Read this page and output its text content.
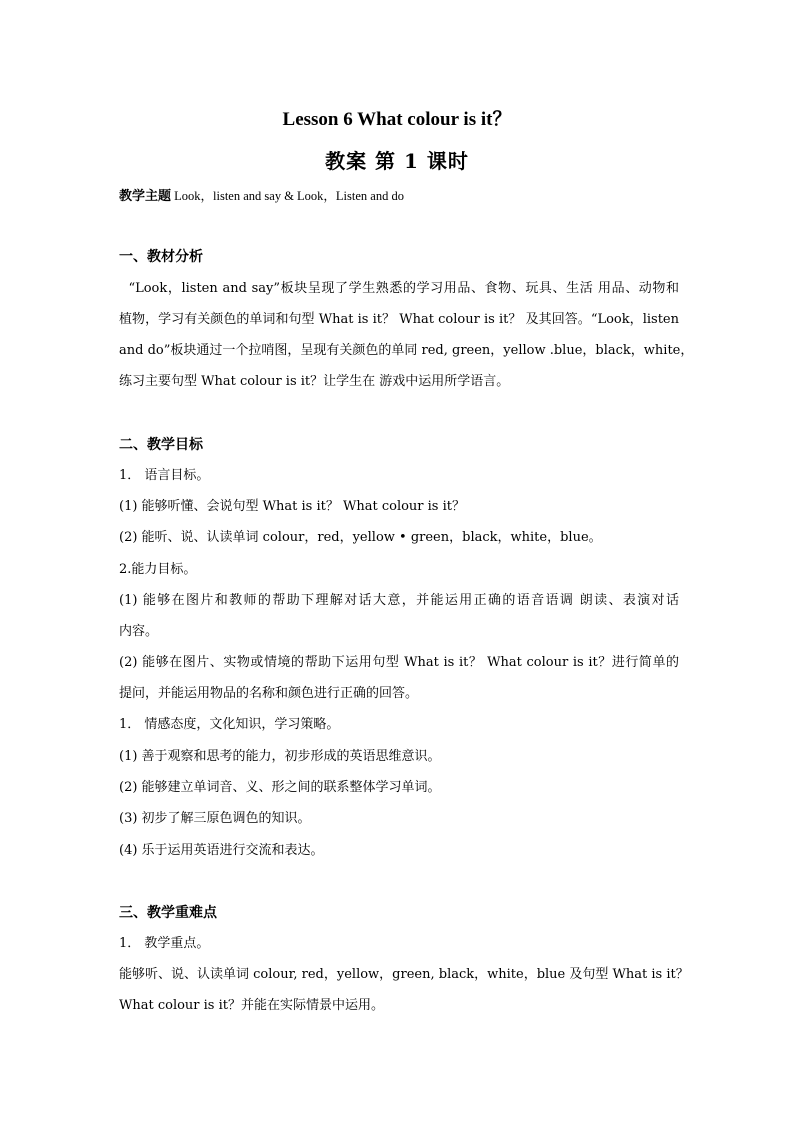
Lesson 6 What colour is it？
教案 第 1 课时
教学主题 Look，listen and say & Look，Listen and do
一、教材分析
“Look，listen and say”板块呈现了学生熟悉的学习用品、食物、玩具、生活 用品、动物和
植物，学习有关颜色的单词和句型 What is it？ What colour is it？ 及其回答。“Look，listen
and do”板块通过一个拉哨图，呈现有关颜色的单同 red, green，yellow .blue，black，white，
练习主要句型 What colour is it？让学生在 游戏中运用所学语言。
二、教学目标
1． 语言目标。
(1) 能够听懂、会说句型 What is it？ What colour is it？
(2) 能听、说、认读单词 colour，red，yellow • green，black，white，blue。
2.能力目标。
(1) 能够在图片和教师的帮助下理解对话大意，并能运用正确的语音语调 朗读、表演对话
内容。
(2) 能够在图片、实物或情境的帮助下运用句型 What is it？ What colour is it？进行简单的
提问，并能运用物品的名称和颜色进行正确的回答。
1． 情感态度，文化知识，学习策略。
(1) 善于观察和思考的能力，初步形成的英语思维意识。
(2) 能够建立单词音、义、形之间的联系整体学习单词。
(3) 初步了解三原色调色的知识。
(4) 乐于运用英语进行交流和表达。
三、教学重难点
1． 教学重点。
能够听、说、认读单词 colour, red，yellow，green, black，white，blue 及句型 What is it？
What colour is it？并能在实际情景中运用。
